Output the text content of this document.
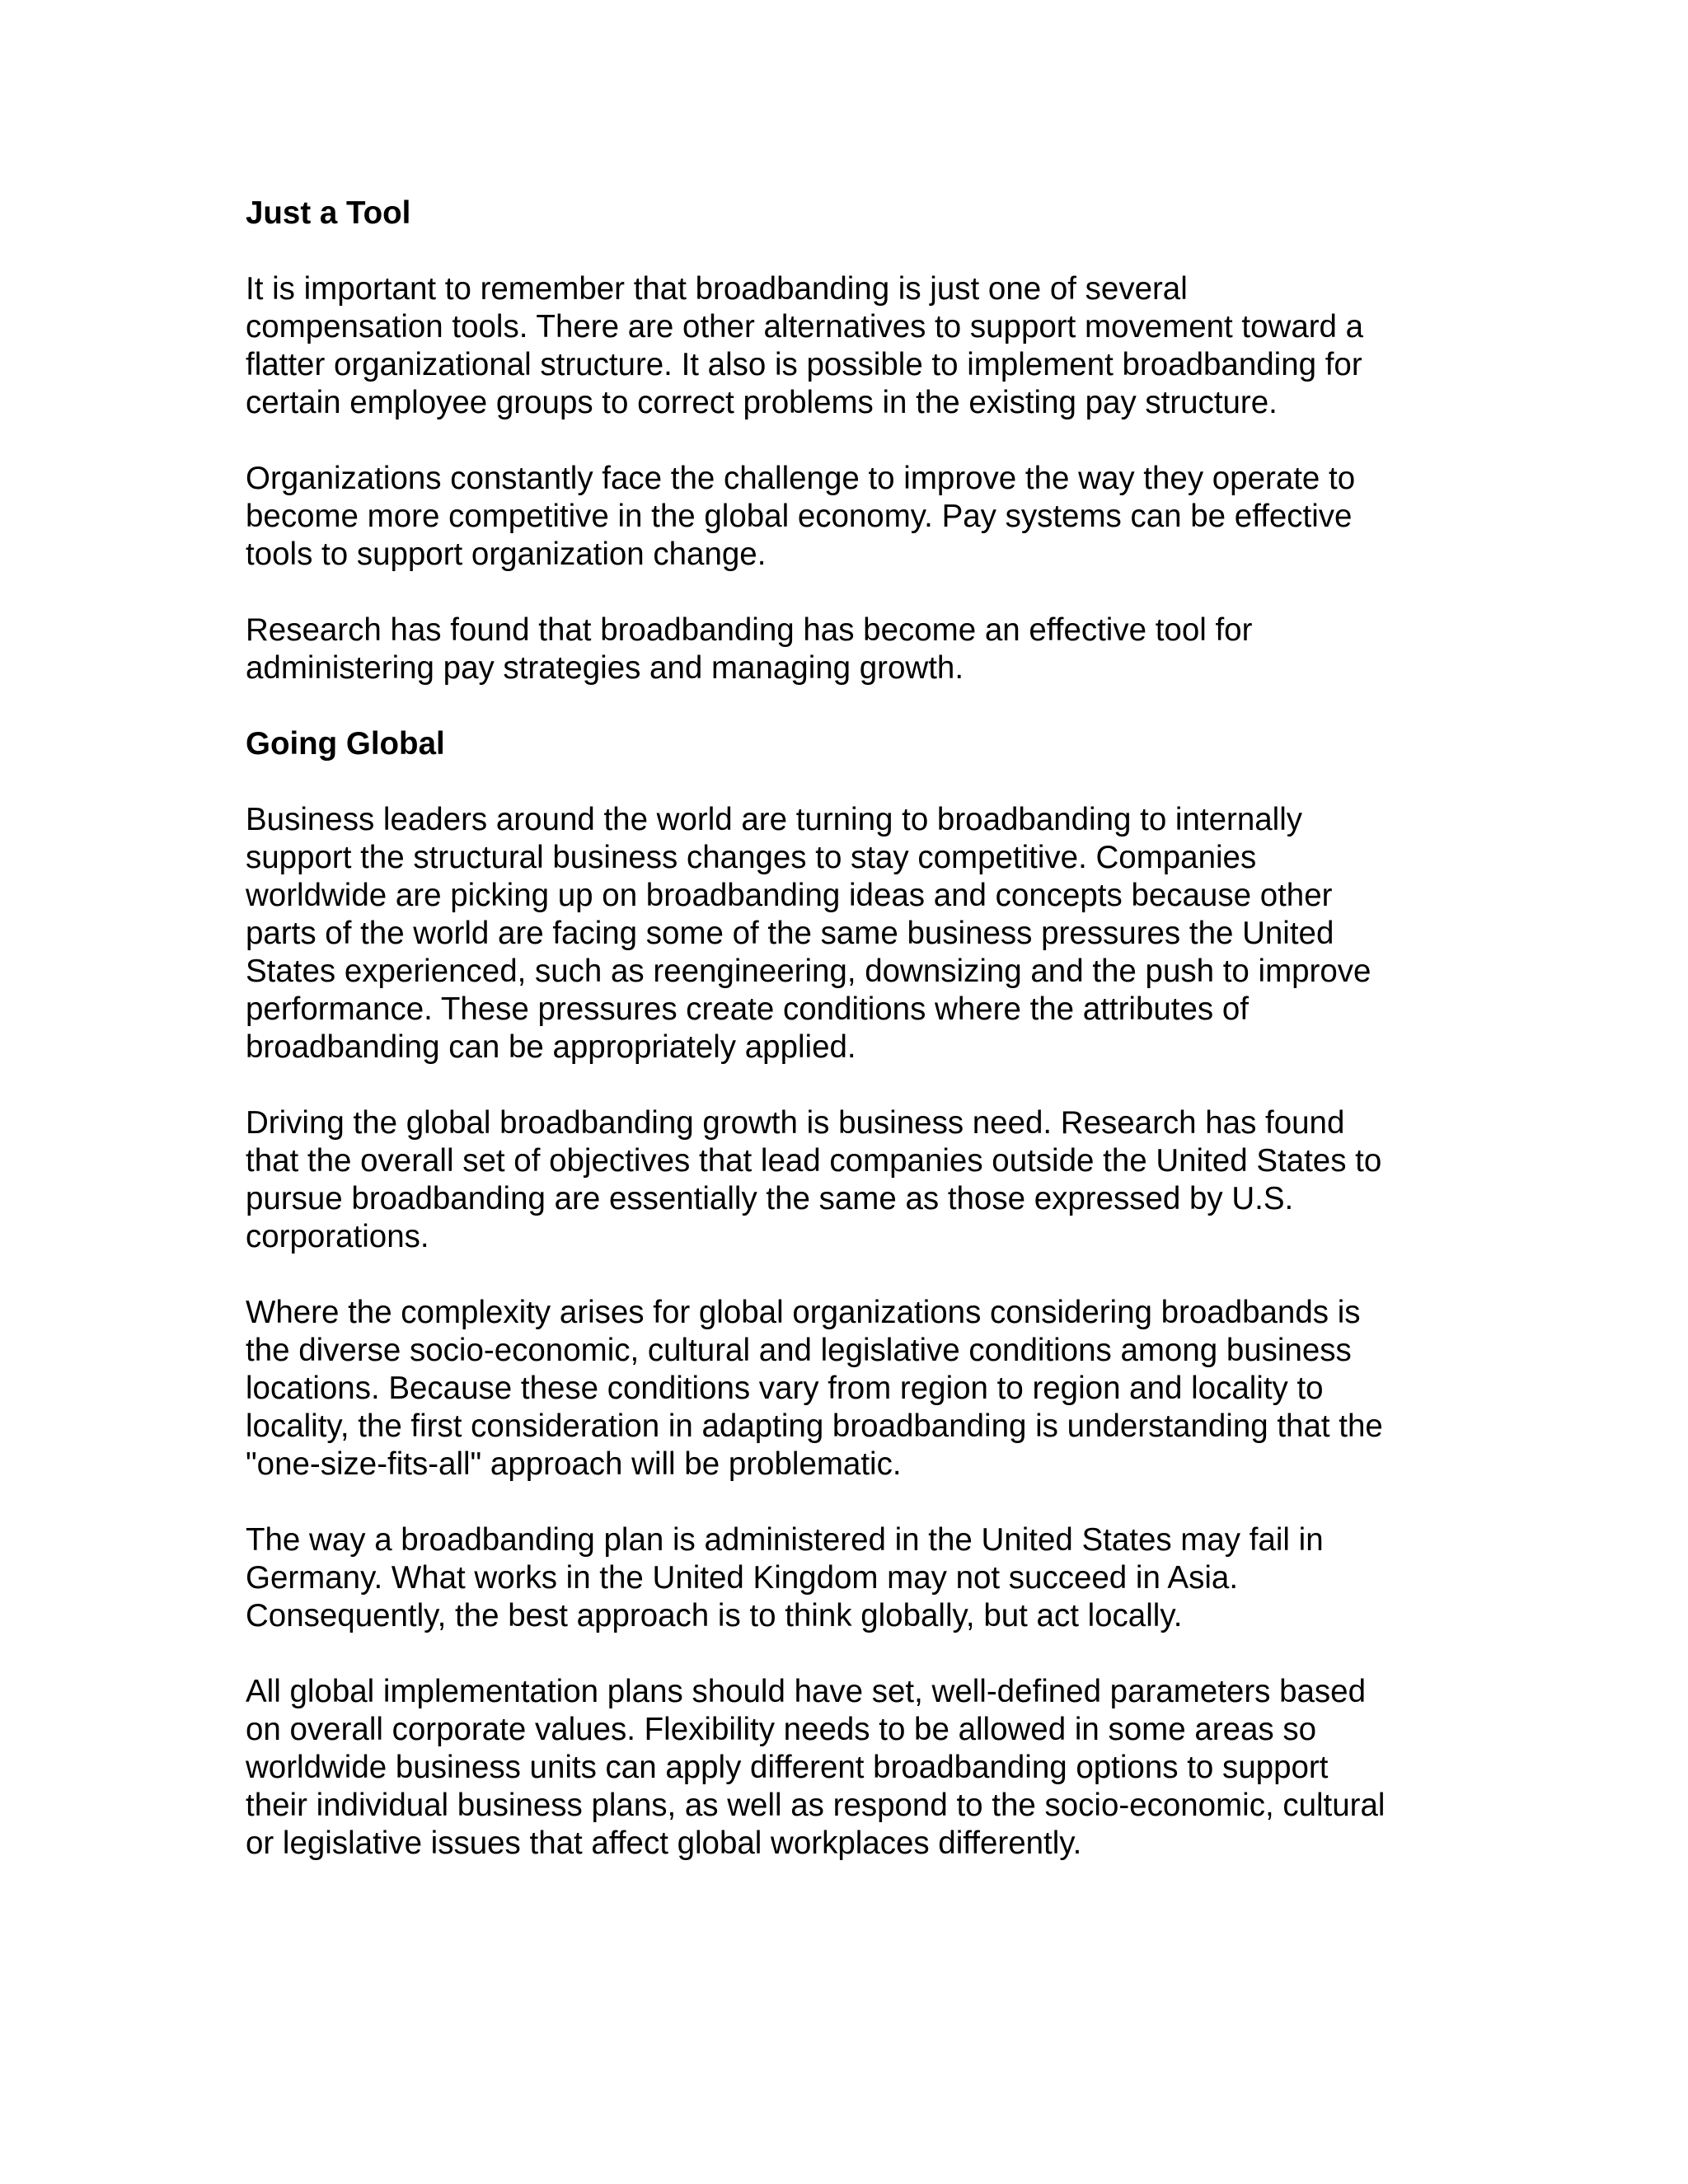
Just a Tool

It is important to remember that broadbanding is just one of several
compensation tools. There are other alternatives to support movement toward a
flatter organizational structure. It also is possible to implement broadbanding for
certain employee groups to correct problems in the existing pay structure.

Organizations constantly face the challenge to improve the way they operate to
become more competitive in the global economy. Pay systems can be effective
tools to support organization change.

Research has found that broadbanding has become an effective tool for
administering pay strategies and managing growth.

Going Global

Business leaders around the world are turning to broadbanding to internally
support the structural business changes to stay competitive. Companies
worldwide are picking up on broadbanding ideas and concepts because other
parts of the world are facing some of the same business pressures the United
States experienced, such as reengineering, downsizing and the push to improve
performance. These pressures create conditions where the attributes of
broadbanding can be appropriately applied.

Driving the global broadbanding growth is business need. Research has found
that the overall set of objectives that lead companies outside the United States to
pursue broadbanding are essentially the same as those expressed by U.S.
corporations.

Where the complexity arises for global organizations considering broadbands is
the diverse socio-economic, cultural and legislative conditions among business
locations. Because these conditions vary from region to region and locality to
locality, the first consideration in adapting broadbanding is understanding that the
"one-size-fits-all" approach will be problematic.

The way a broadbanding plan is administered in the United States may fail in
Germany. What works in the United Kingdom may not succeed in Asia.
Consequently, the best approach is to think globally, but act locally.

All global implementation plans should have set, well-defined parameters based
on overall corporate values. Flexibility needs to be allowed in some areas so
worldwide business units can apply different broadbanding options to support
their individual business plans, as well as respond to the socio-economic, cultural
or legislative issues that affect global workplaces differently.
